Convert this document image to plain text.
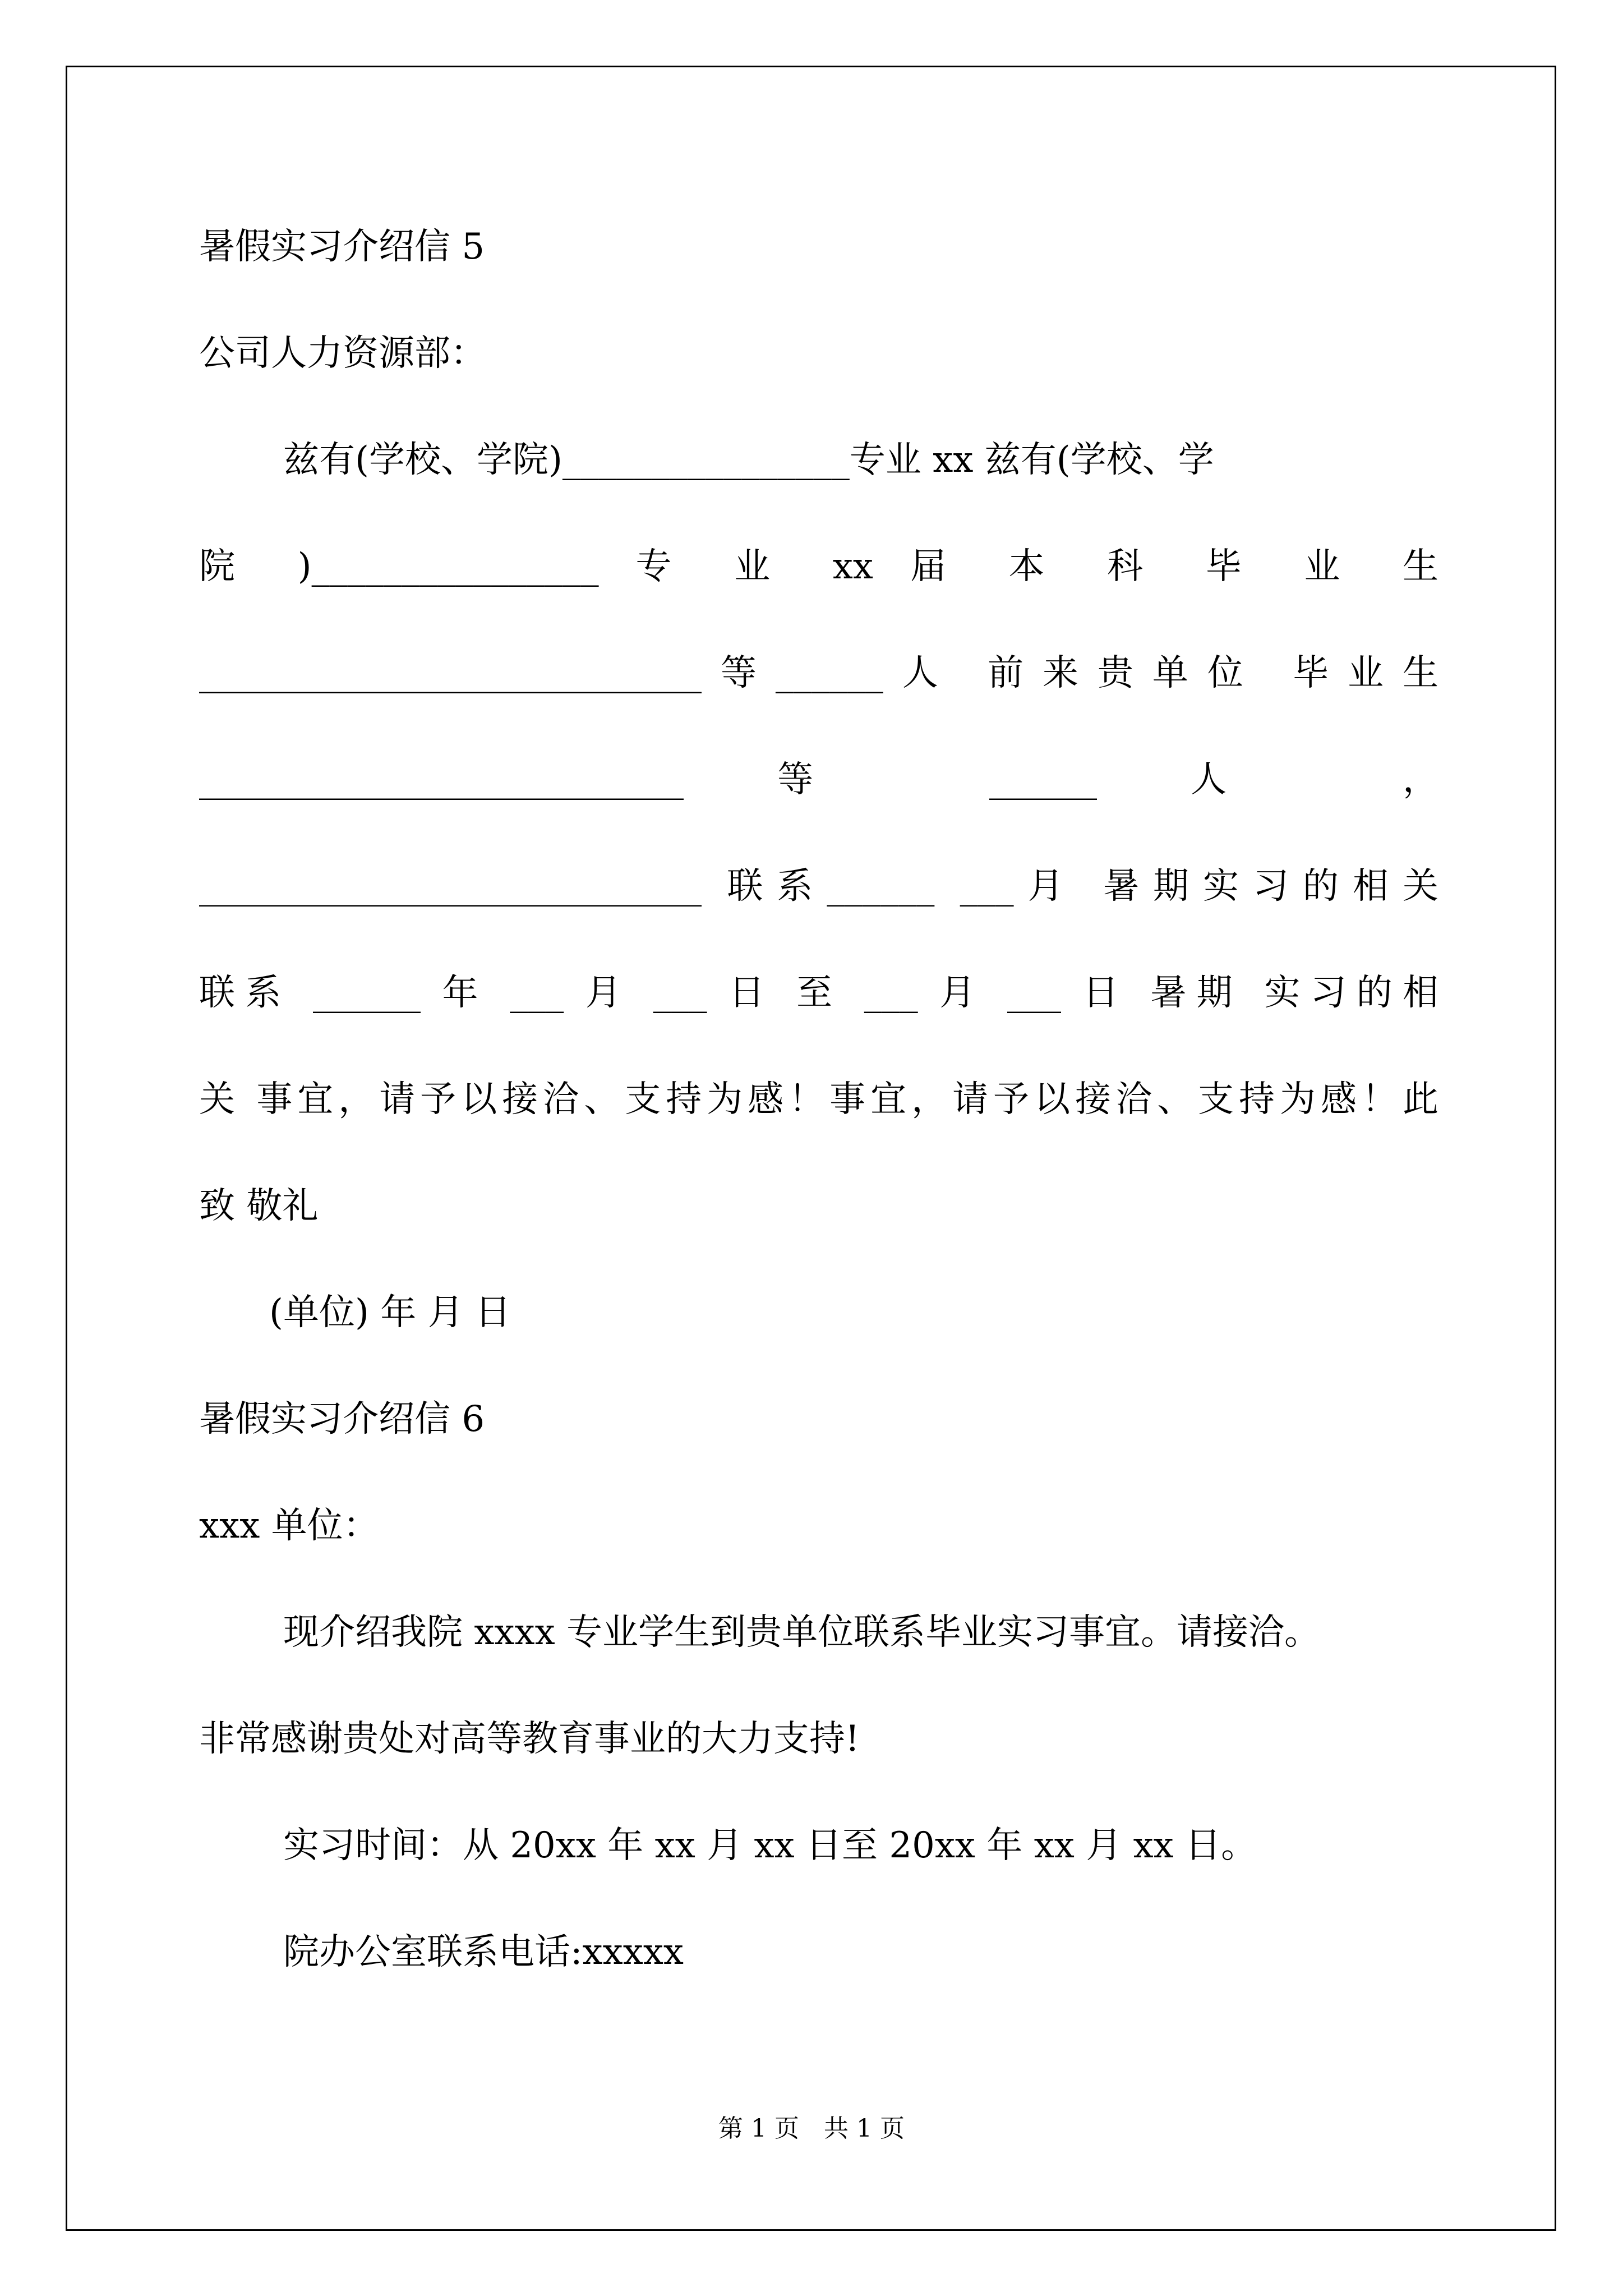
暑假实习介绍信 5
公司人力资源部：
兹有(学校、学院)________________专业 xx 兹有(学校、学
院 )________________ 专 业 xx 届 本 科 毕 业 生
____________________________等______人 前来贵单位 毕业生
___________________________ 等 ______ 人 ，
____________________________ 联系______ ___月 暑期实习的相关
联系 ______ 年 ___ 月 ___ 日 至 ___ 月 ___ 日 暑期 实习的相
关 事宜，请予以接洽、支持为感！事宜，请予以接洽、支持为感！此
致 敬礼
(单位) 年 月 日
暑假实习介绍信 6
xxx 单位：
现介绍我院 xxxx 专业学生到贵单位联系毕业实习事宜。请接洽。
非常感谢贵处对高等教育事业的大力支持!
实习时间：从 20xx 年 xx 月 xx 日至 20xx 年 xx 月 xx 日。
院办公室联系电话:xxxxx
第 1 页　共 1 页
